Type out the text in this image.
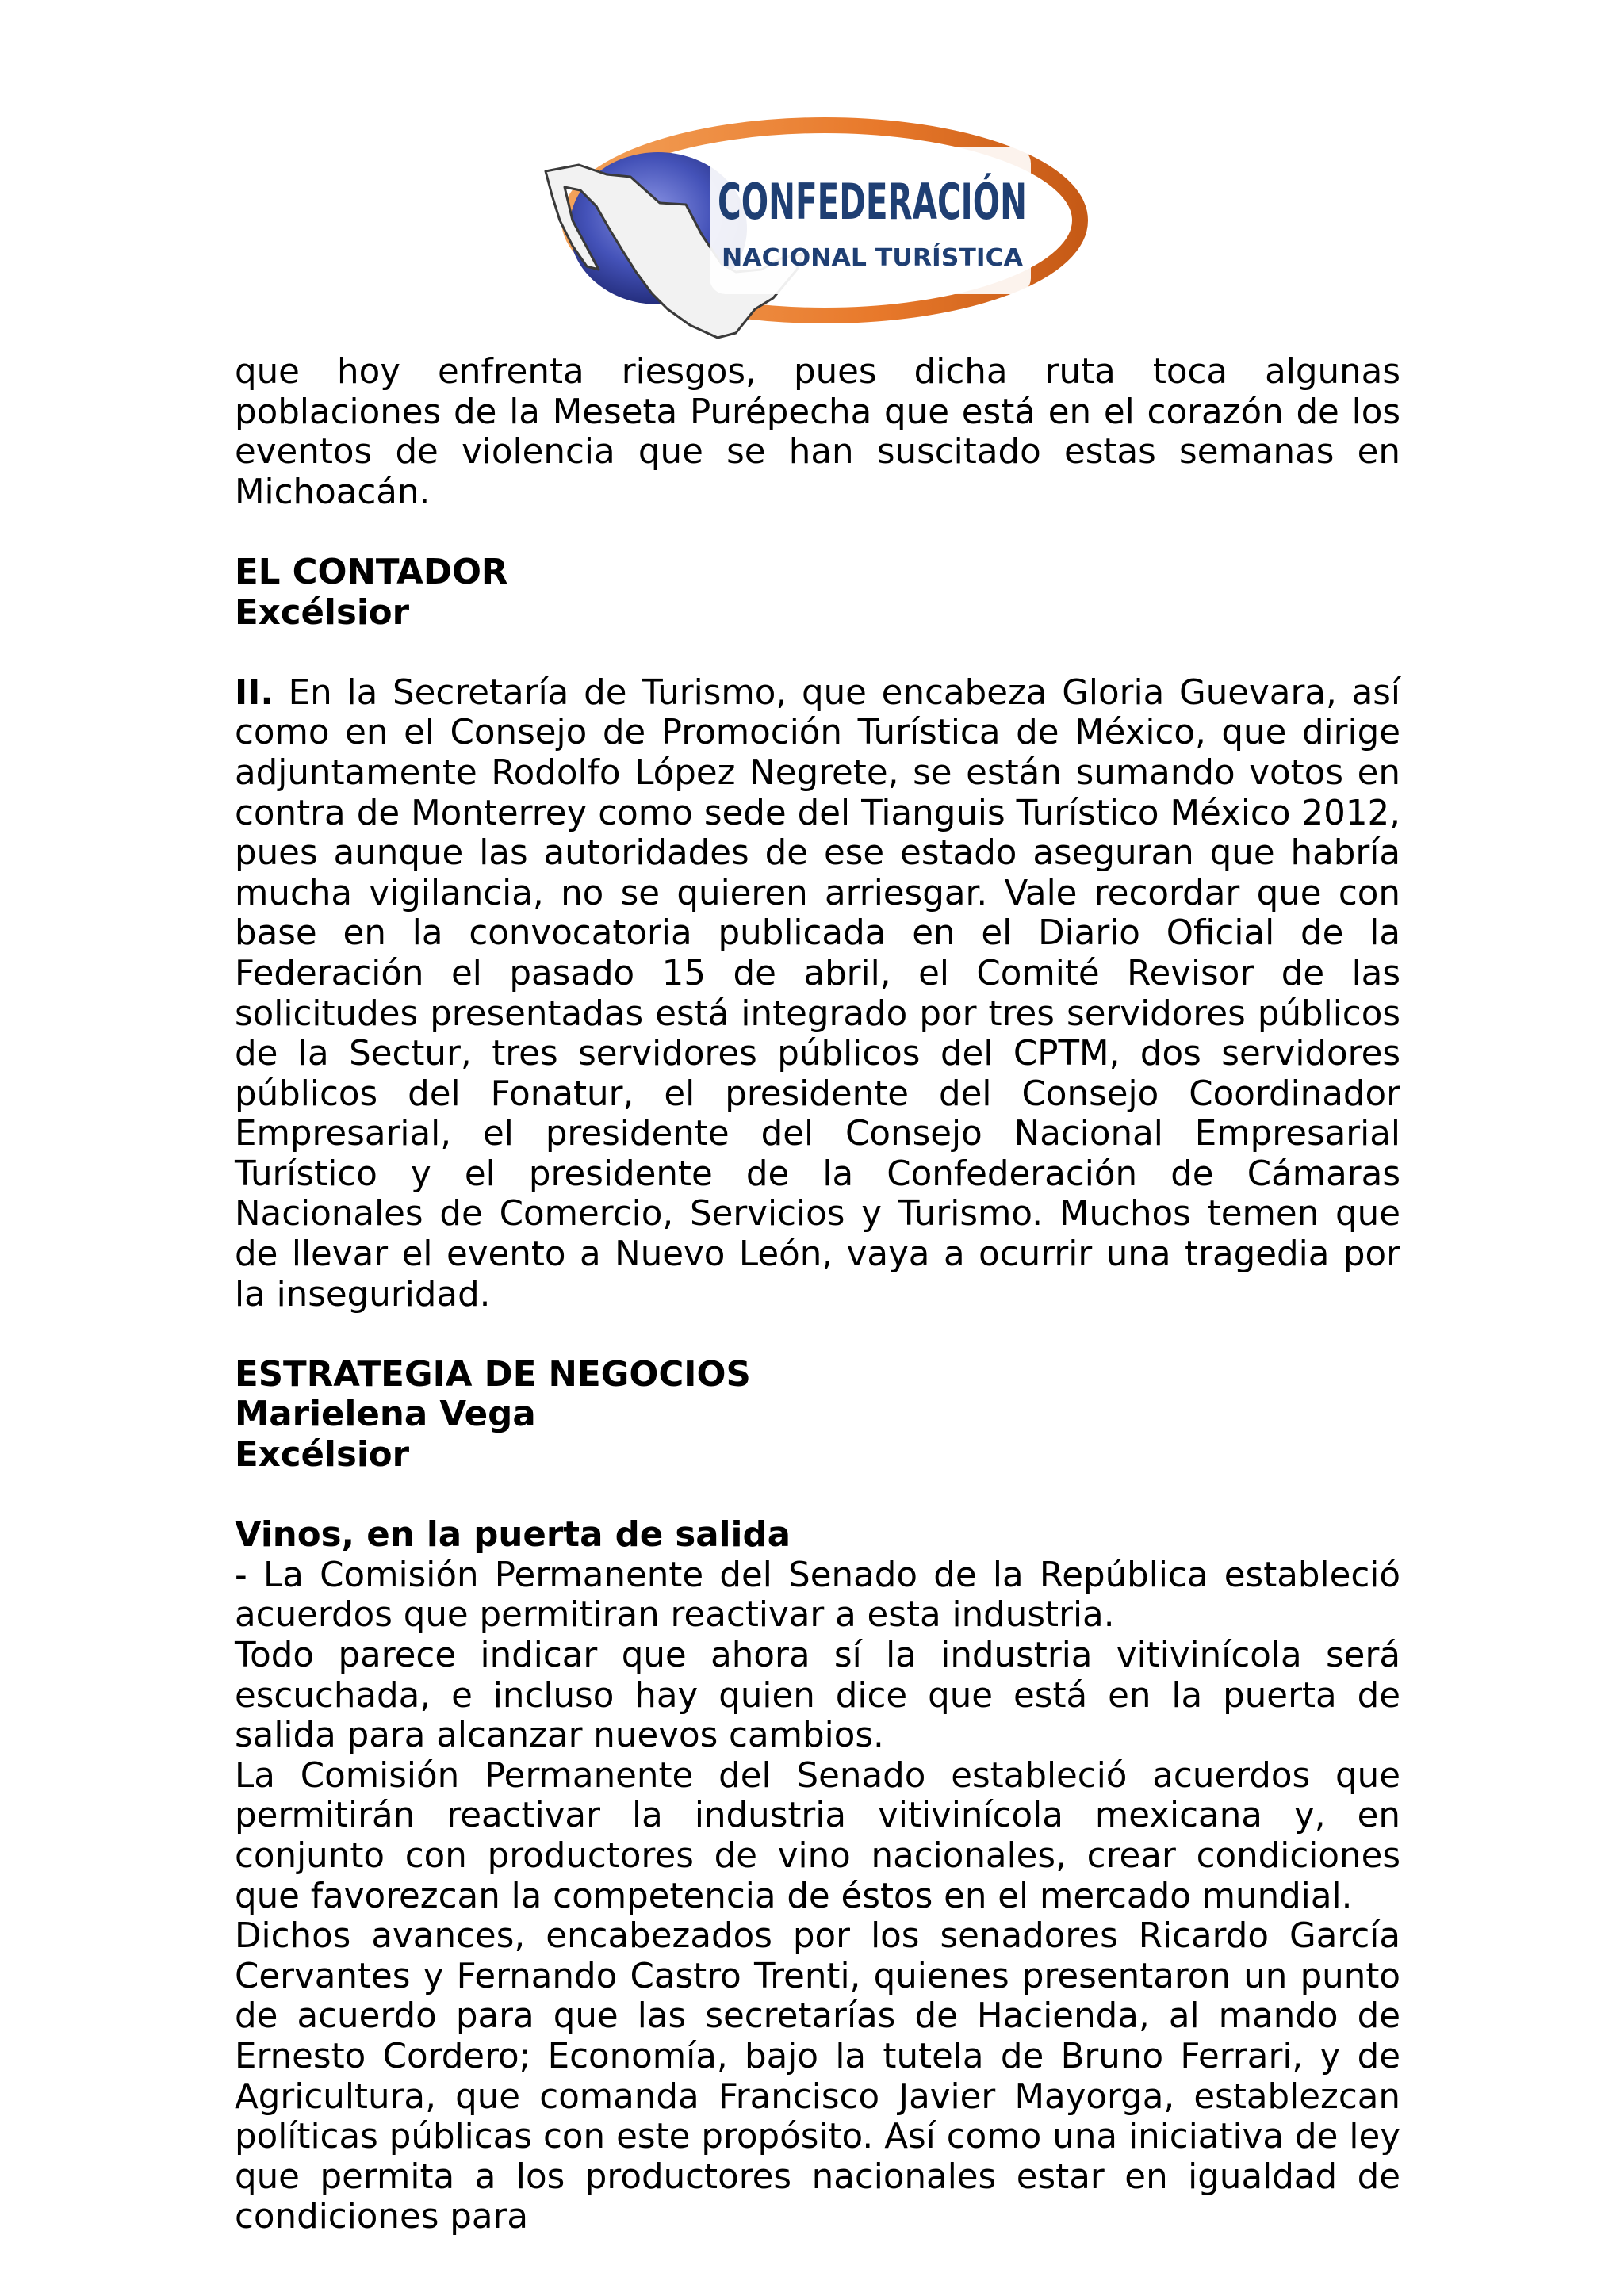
CONFEDERACIÓN
NACIONAL TURÍSTICA

que hoy enfrenta riesgos, pues dicha ruta toca algunas poblaciones de la Meseta Purépecha que está en el corazón de los eventos de violencia que se han suscitado estas semanas en Michoacán.

EL CONTADOR

Excélsior

II. En la Secretaría de Turismo, que encabeza Gloria Guevara, así como en el Consejo de Promoción Turística de México, que dirige adjuntamente Rodolfo López Negrete, se están sumando votos en contra de Monterrey como sede del Tianguis Turístico México 2012, pues aunque las autoridades de ese estado aseguran que habría mucha vigilancia, no se quieren arriesgar. Vale recordar que con base en la convocatoria publicada en el Diario Oficial de la Federación el pasado 15 de abril, el Comité Revisor de las solicitudes presentadas está integrado por tres servidores públicos de la Sectur, tres servidores públicos del CPTM, dos servidores públicos del Fonatur, el presidente del Consejo Coordinador Empresarial, el presidente del Consejo Nacional Empresarial Turístico y el presidente de la Confederación de Cámaras Nacionales de Comercio, Servicios y Turismo. Muchos temen que de llevar el evento a Nuevo León, vaya a ocurrir una tragedia por la inseguridad.

ESTRATEGIA DE NEGOCIOS

Marielena Vega

Excélsior

Vinos, en la puerta de salida

- La Comisión Permanente del Senado de la República estableció acuerdos que permitiran reactivar a esta industria.

Todo parece indicar que ahora sí la industria vitivinícola será escuchada, e incluso hay quien dice que está en la puerta de salida para alcanzar nuevos cambios.

La Comisión Permanente del Senado estableció acuerdos que permitirán reactivar la industria vitivinícola mexicana y, en conjunto con productores de vino nacionales, crear condiciones que favorezcan la competencia de éstos en el mercado mundial.

Dichos avances, encabezados por los senadores Ricardo García Cervantes y Fernando Castro Trenti, quienes presentaron un punto de acuerdo para que las secretarías de Hacienda, al mando de Ernesto Cordero; Economía, bajo la tutela de Bruno Ferrari, y de Agricultura, que comanda Francisco Javier Mayorga, establezcan políticas públicas con este propósito. Así como una iniciativa de ley que permita a los productores nacionales estar en igualdad de condiciones para
